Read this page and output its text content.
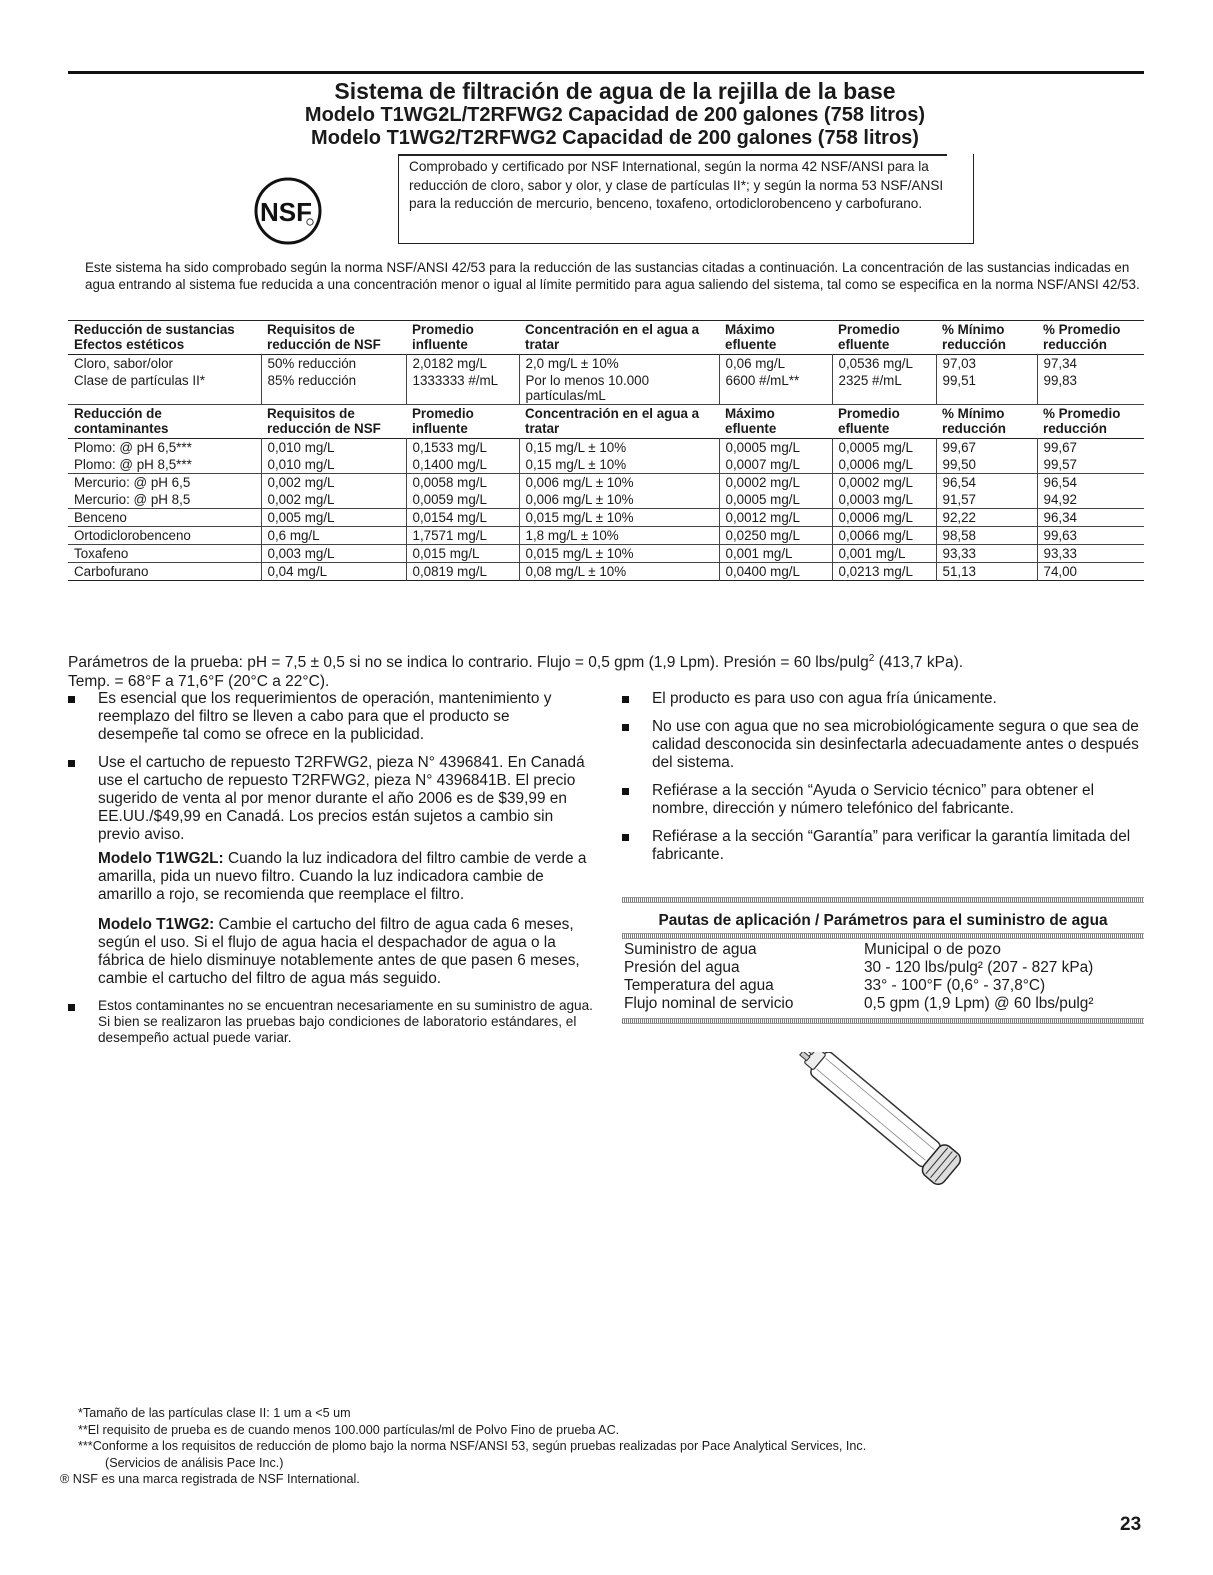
Sistema de filtración de agua de la rejilla de la base
Modelo T1WG2L/T2RFWG2 Capacidad de 200 galones (758 litros)
Modelo T1WG2/T2RFWG2 Capacidad de 200 galones (758 litros)
NSF
Comprobado y certificado por NSF International, según la norma 42 NSF/ANSI para la reducción de cloro, sabor y olor, y clase de partículas II*; y según la norma 53 NSF/ANSI para la reducción de mercurio, benceno, toxafeno, ortodiclorobenceno y carbofurano.
Este sistema ha sido comprobado según la norma NSF/ANSI 42/53 para la reducción de las sustancias citadas a continuación. La concentración de las sustancias indicadas en agua entrando al sistema fue reducida a una concentración menor o igual al límite permitido para agua saliendo del sistema, tal como se especifica en la norma NSF/ANSI 42/53.
Reducción de sustancias Efectos estéticos	Requisitos de reducción de NSF	Promedio influente	Concentración en el agua a tratar	Máximo efluente	Promedio efluente	% Mínimo reducción	% Promedio reducción
Cloro, sabor/olor	50% reducción	2,0182 mg/L	2,0 mg/L ± 10%	0,06 mg/L	0,0536 mg/L	97,03	97,34
Clase de partículas II*	85% reducción	1333333 #/mL	Por lo menos 10.000 partículas/mL	6600 #/mL**	2325 #/mL	99,51	99,83
Reducción de contaminantes	Requisitos de reducción de NSF	Promedio influente	Concentración en el agua a tratar	Máximo efluente	Promedio efluente	% Mínimo reducción	% Promedio reducción
Plomo: @ pH 6,5***	0,010 mg/L	0,1533 mg/L	0,15 mg/L ± 10%	0,0005 mg/L	0,0005 mg/L	99,67	99,67
Plomo: @ pH 8,5***	0,010 mg/L	0,1400 mg/L	0,15 mg/L ± 10%	0,0007 mg/L	0,0006 mg/L	99,50	99,57
Mercurio: @ pH 6,5	0,002 mg/L	0,0058 mg/L	0,006 mg/L ± 10%	0,0002 mg/L	0,0002 mg/L	96,54	96,54
Mercurio: @ pH 8,5	0,002 mg/L	0,0059 mg/L	0,006 mg/L ± 10%	0,0005 mg/L	0,0003 mg/L	91,57	94,92
Benceno	0,005 mg/L	0,0154 mg/L	0,015 mg/L ± 10%	0,0012 mg/L	0,0006 mg/L	92,22	96,34
Ortodiclorobenceno	0,6 mg/L	1,7571 mg/L	1,8 mg/L ± 10%	0,0250 mg/L	0,0066 mg/L	98,58	99,63
Toxafeno	0,003 mg/L	0,015 mg/L	0,015 mg/L ± 10%	0,001 mg/L	0,001 mg/L	93,33	93,33
Carbofurano	0,04 mg/L	0,0819 mg/L	0,08 mg/L ± 10%	0,0400 mg/L	0,0213 mg/L	51,13	74,00
Parámetros de la prueba: pH = 7,5 ± 0,5 si no se indica lo contrario. Flujo = 0,5 gpm (1,9 Lpm). Presión = 60 lbs/pulg$^2$ (413,7 kPa).
Temp. = 68°F a 71,6°F (20°C a 22°C).
Es esencial que los requerimientos de operación, mantenimiento y reemplazo del filtro se lleven a cabo para que el producto se desempeñe tal como se ofrece en la publicidad.
Use el cartucho de repuesto T2RFWG2, pieza N° 4396841. En Canadá use el cartucho de repuesto T2RFWG2, pieza N° 4396841B. El precio sugerido de venta al por menor durante el año 2006 es de $39,99 en EE.UU./$49,99 en Canadá. Los precios están sujetos a cambio sin previo aviso.

Modelo T1WG2L: Cuando la luz indicadora del filtro cambie de verde a amarilla, pida un nuevo filtro. Cuando la luz indicadora cambie de amarillo a rojo, se recomienda que reemplace el filtro.

Modelo T1WG2: Cambie el cartucho del filtro de agua cada 6 meses, según el uso. Si el flujo de agua hacia el despachador de agua o la fábrica de hielo disminuye notablemente antes de que pasen 6 meses, cambie el cartucho del filtro de agua más seguido.

Estos contaminantes no se encuentran necesariamente en su suministro de agua. Si bien se realizaron las pruebas bajo condiciones de laboratorio estándares, el desempeño actual puede variar.
El producto es para uso con agua fría únicamente.
No use con agua que no sea microbiológicamente segura o que sea de calidad desconocida sin desinfectarla adecuadamente antes o después del sistema.
Refiérase a la sección “Ayuda o Servicio técnico” para obtener el nombre, dirección y número telefónico del fabricante.
Refiérase a la sección “Garantía” para verificar la garantía limitada del fabricante.
Pautas de aplicación / Parámetros para el suministro de agua
Suministro de agua	Municipal o de pozo
Presión del agua	30 - 120 lbs/pulg² (207 - 827 kPa)
Temperatura del agua	33° - 100°F (0,6° - 37,8°C)
Flujo nominal de servicio	0,5 gpm (1,9 Lpm) @ 60 lbs/pulg²
*Tamaño de las partículas clase II: 1 um a <5 um
**El requisito de prueba es de cuando menos 100.000 partículas/ml de Polvo Fino de prueba AC.
***Conforme a los requisitos de reducción de plomo bajo la norma NSF/ANSI 53, según pruebas realizadas por Pace Analytical Services, Inc.
(Servicios de análisis Pace Inc.)
® NSF es una marca registrada de NSF International.
23
